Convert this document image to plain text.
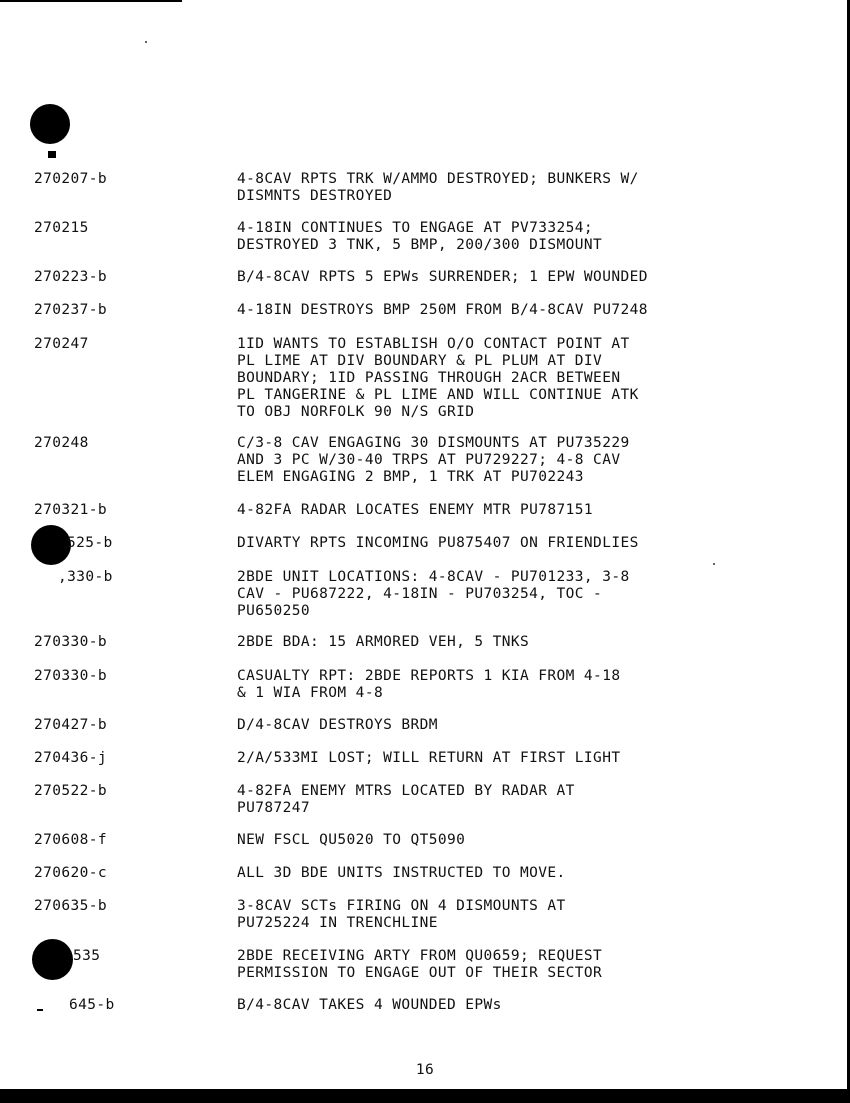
270207-b	4-8CAV RPTS TRK W/AMMO DESTROYED; BUNKERS W/
DISMNTS DESTROYED
270215	4-18IN CONTINUES TO ENGAGE AT PV733254;
DESTROYED 3 TNK, 5 BMP, 200/300 DISMOUNT
270223-b	B/4-8CAV RPTS 5 EPWs SURRENDER; 1 EPW WOUNDED
270237-b	4-18IN DESTROYS BMP 250M FROM B/4-8CAV PU7248
270247	1ID WANTS TO ESTABLISH O/O CONTACT POINT AT
PL LIME AT DIV BOUNDARY & PL PLUM AT DIV
BOUNDARY; 1ID PASSING THROUGH 2ACR BETWEEN
PL TANGERINE & PL LIME AND WILL CONTINUE ATK
TO OBJ NORFOLK 90 N/S GRID
270248	C/3-8 CAV ENGAGING 30 DISMOUNTS AT PU735229
AND 3 PC W/30-40 TRPS AT PU729227; 4-8 CAV
ELEM ENGAGING 2 BMP, 1 TRK AT PU702243
270321-b	4-82FA RADAR LOCATES ENEMY MTR PU787151
525-b	DIVARTY RPTS INCOMING PU875407 ON FRIENDLIES
,330-b	2BDE UNIT LOCATIONS: 4-8CAV - PU701233, 3-8
CAV - PU687222, 4-18IN - PU703254, TOC -
PU650250
270330-b	2BDE BDA: 15 ARMORED VEH, 5 TNKS
270330-b	CASUALTY RPT: 2BDE REPORTS 1 KIA FROM 4-18
& 1 WIA FROM 4-8
270427-b	D/4-8CAV DESTROYS BRDM
270436-j	2/A/533MI LOST; WILL RETURN AT FIRST LIGHT
270522-b	4-82FA ENEMY MTRS LOCATED BY RADAR AT
PU787247
270608-f	NEW FSCL QU5020 TO QT5090
270620-c	ALL 3D BDE UNITS INSTRUCTED TO MOVE.
270635-b	3-8CAV SCTs FIRING ON 4 DISMOUNTS AT
PU725224 IN TRENCHLINE
535	2BDE RECEIVING ARTY FROM QU0659; REQUEST
PERMISSION TO ENGAGE OUT OF THEIR SECTOR
645-b	B/4-8CAV TAKES 4 WOUNDED EPWs
16
